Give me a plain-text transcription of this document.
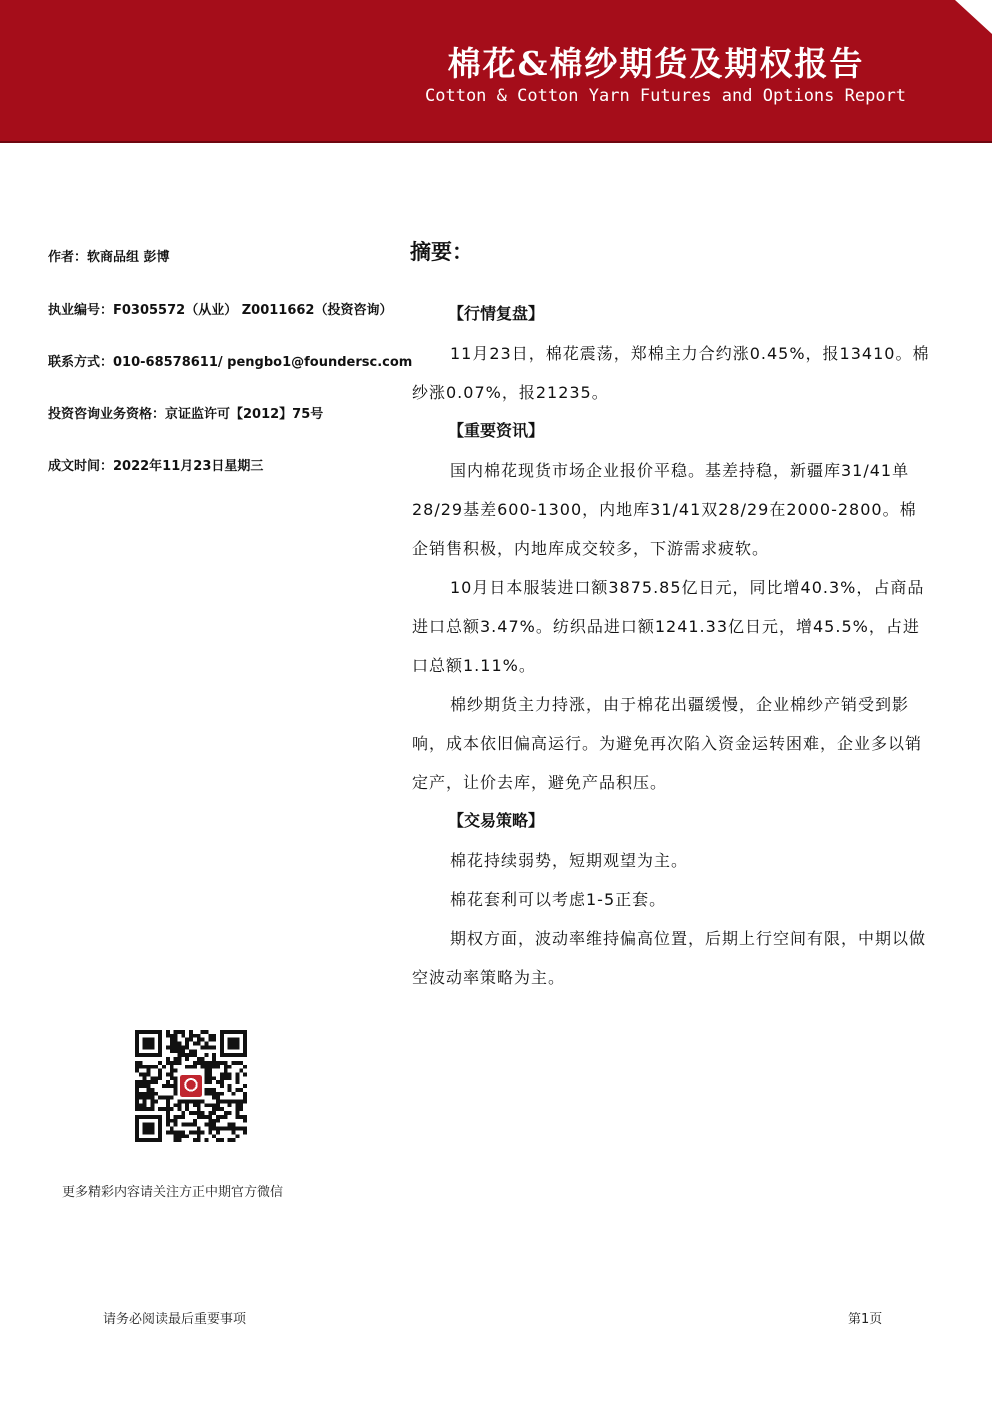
棉花&棉纱期货及期权报告
Cotton & Cotton Yarn Futures and Options Report
作者：软商品组 彭博
执业编号：F0305572（从业） Z0011662（投资咨询）
联系方式：010-68578611/ pengbo1@foundersc.com
投资咨询业务资格：京证监许可【2012】75号
成文时间：2022年11月23日星期三
更多精彩内容请关注方正中期官方微信
摘要：
【行情复盘】
11月23日，棉花震荡，郑棉主力合约涨0.45%，报13410。棉纱涨0.07%，报21235。
【重要资讯】
国内棉花现货市场企业报价平稳。基差持稳，新疆库31/41单28/29基差600-1300，内地库31/41双28/29在2000-2800。棉企销售积极，内地库成交较多，下游需求疲软。
10月日本服装进口额3875.85亿日元，同比增40.3%，占商品进口总额3.47%。纺织品进口额1241.33亿日元，增45.5%，占进口总额1.11%。
棉纱期货主力持涨，由于棉花出疆缓慢，企业棉纱产销受到影响，成本依旧偏高运行。为避免再次陷入资金运转困难，企业多以销定产，让价去库，避免产品积压。
【交易策略】
棉花持续弱势，短期观望为主。
棉花套利可以考虑1-5正套。
期权方面，波动率维持偏高位置，后期上行空间有限，中期以做空波动率策略为主。
请务必阅读最后重要事项	第1页
